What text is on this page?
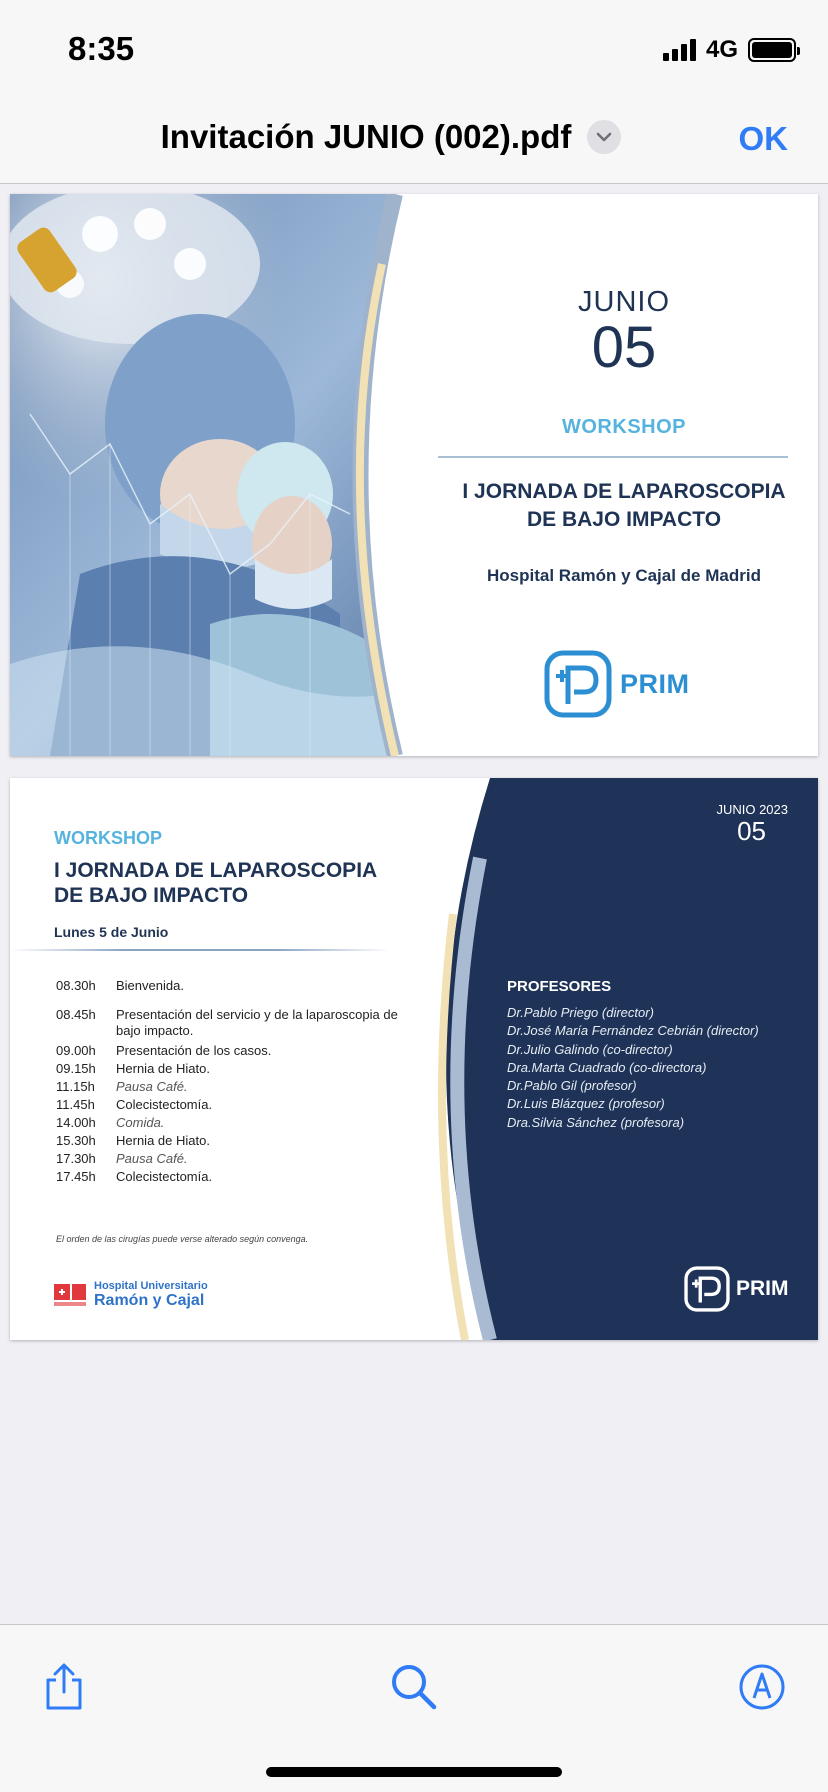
8:35	4G
Invitación JUNIO (002).pdf	OK
JUNIO
05
WORKSHOP
I JORNADA DE LAPAROSCOPIA
DE BAJO IMPACTO
Hospital Ramón y Cajal de Madrid
PRIM
WORKSHOP
I JORNADA DE LAPAROSCOPIA
DE BAJO IMPACTO
Lunes 5 de Junio
08.30h	Bienvenida.
08.45h	Presentación del servicio y de la laparoscopia de bajo impacto.
09.00h	Presentación de los casos.
09.15h	Hernia de Hiato.
11.15h	Pausa Café.
11.45h	Colecistectomía.
14.00h	Comida.
15.30h	Hernia de Hiato.
17.30h	Pausa Café.
17.45h	Colecistectomía.
El orden de las cirugías puede verse alterado según convenga.
Hospital Universitario
Ramón y Cajal
JUNIO 2023
05
PROFESORES
Dr.Pablo Priego (director)
Dr.José María Fernández Cebrián (director)
Dr.Julio Galindo (co-director)
Dra.Marta Cuadrado (co-directora)
Dr.Pablo Gil (profesor)
Dr.Luis Blázquez (profesor)
Dra.Silvia Sánchez (profesora)
PRIM
